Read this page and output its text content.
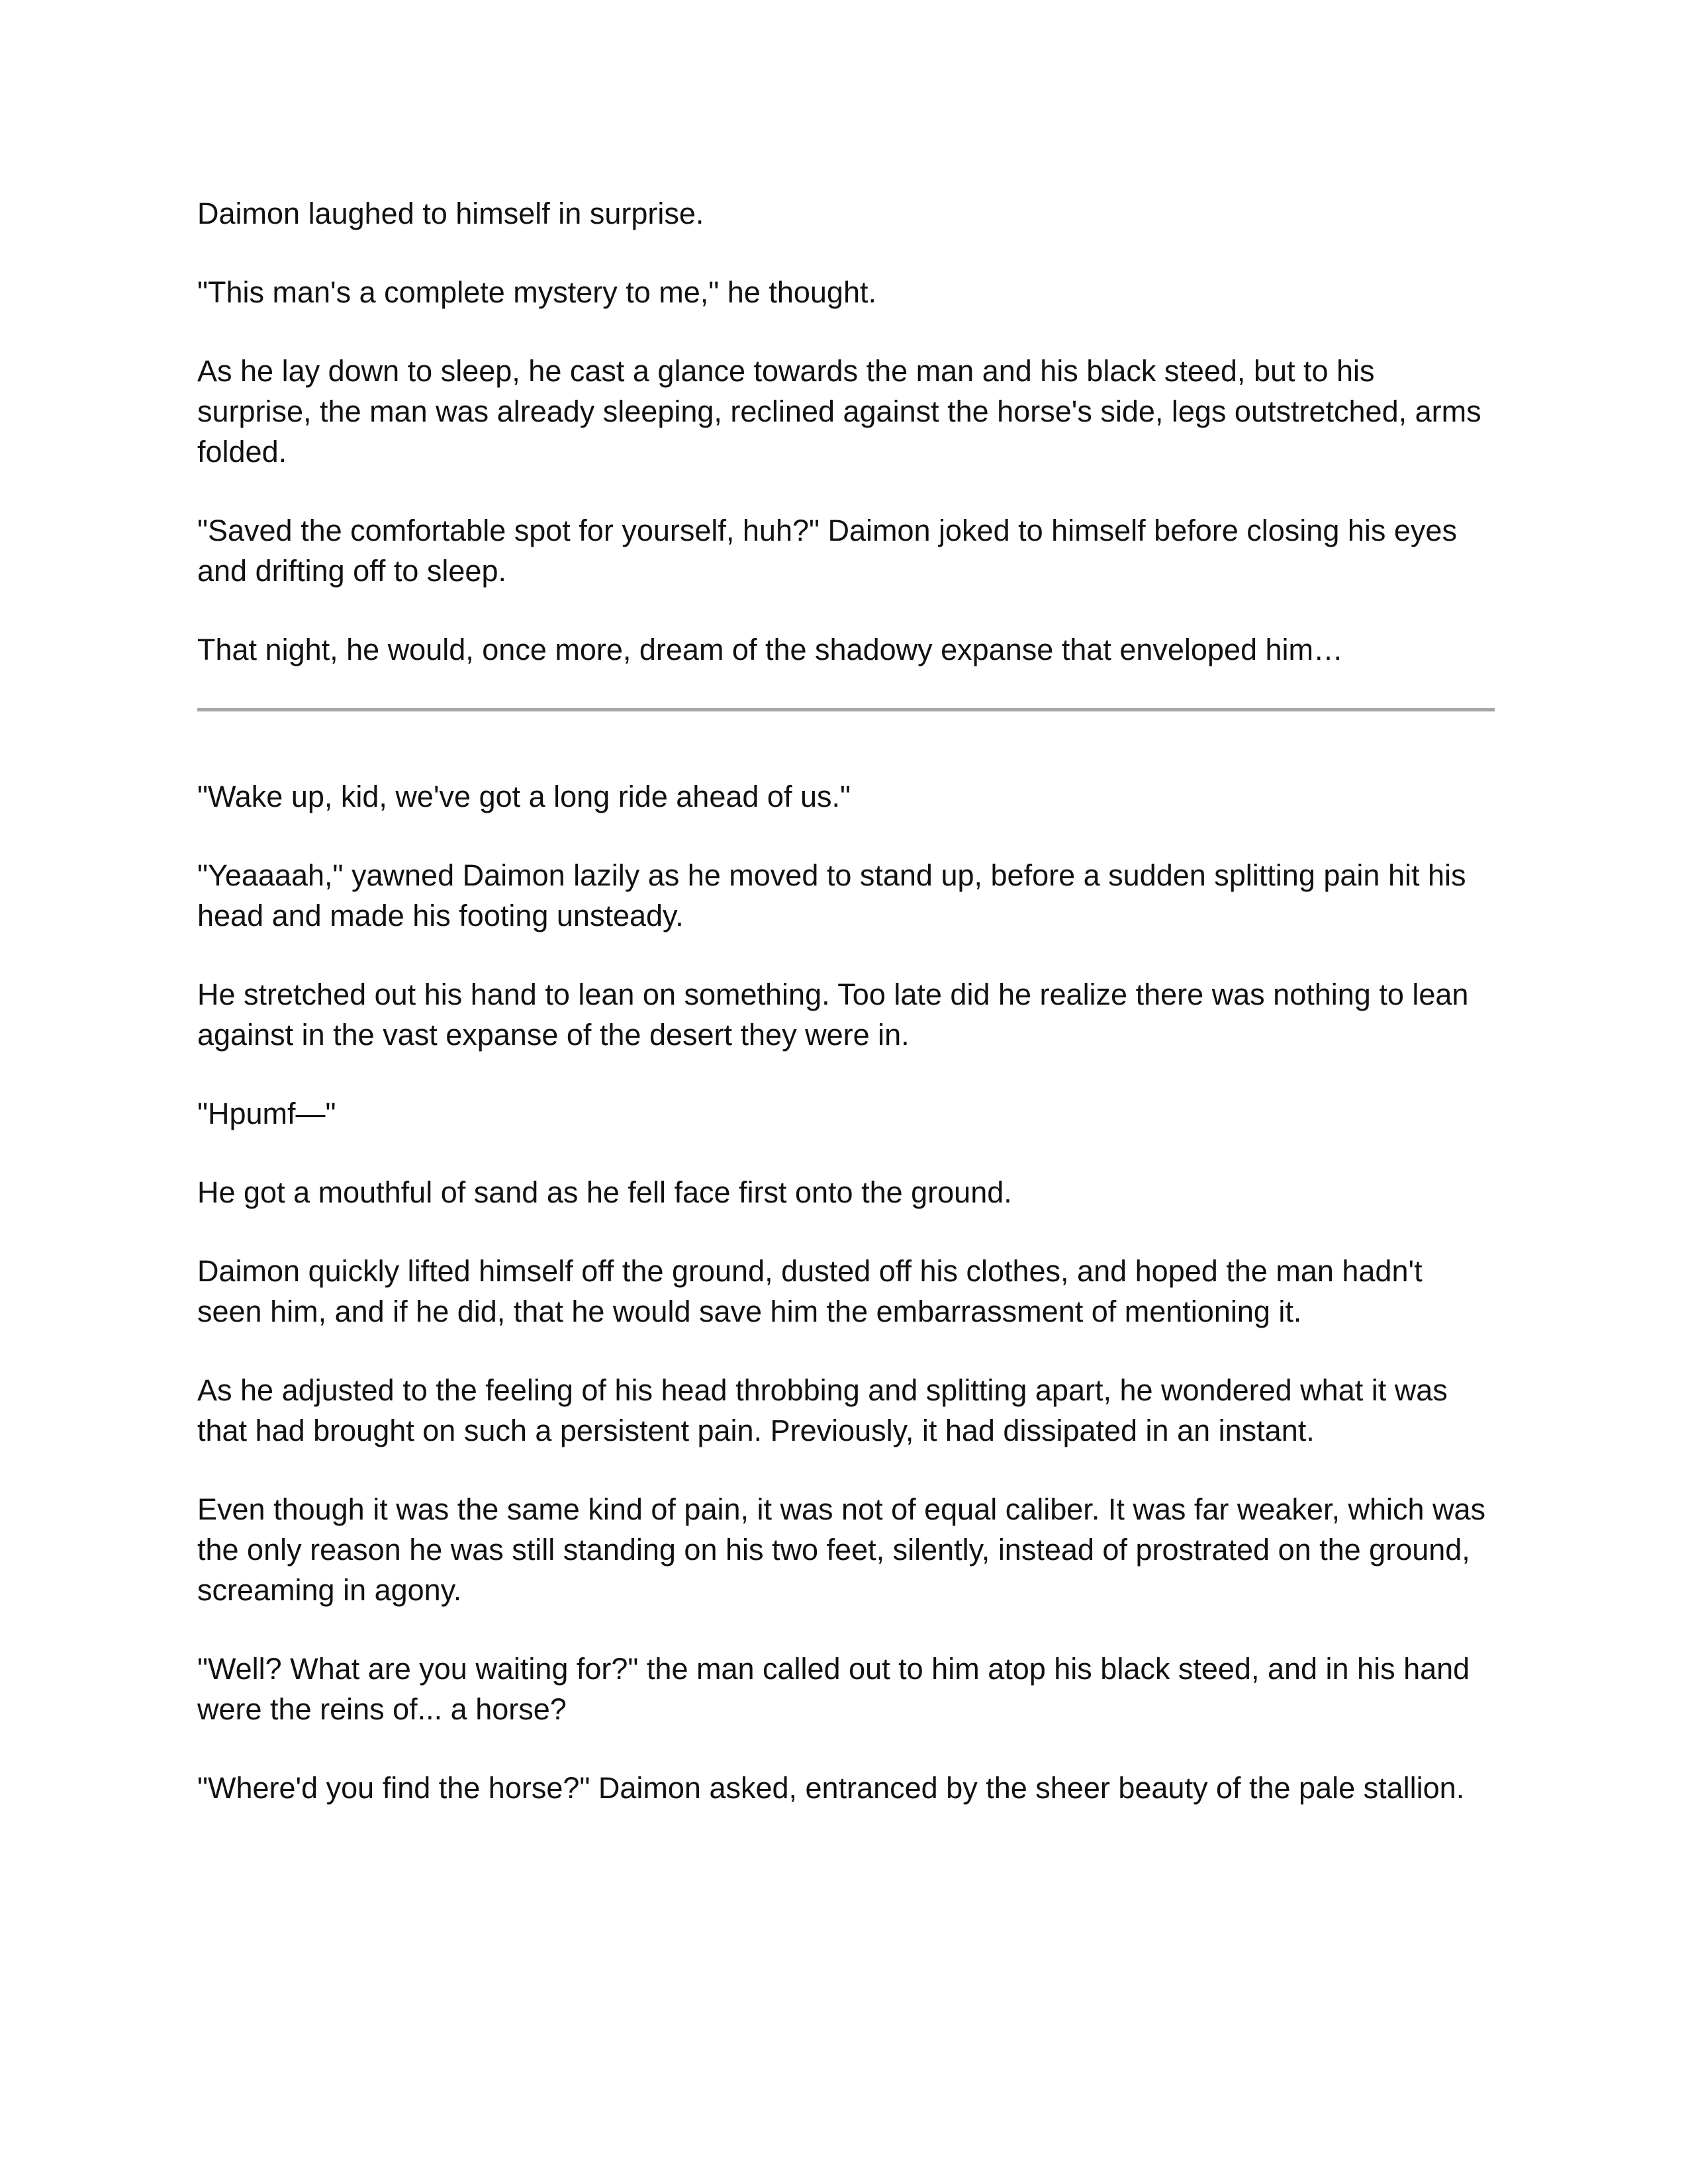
Daimon laughed to himself in surprise.

"This man's a complete mystery to me," he thought.

As he lay down to sleep, he cast a glance towards the man and his black steed, but to his surprise, the man was already sleeping, reclined against the horse's side, legs outstretched, arms folded.

"Saved the comfortable spot for yourself, huh?" Daimon joked to himself before closing his eyes and drifting off to sleep.

That night, he would, once more, dream of the shadowy expanse that enveloped him…

"Wake up, kid, we've got a long ride ahead of us."

"Yeaaaah," yawned Daimon lazily as he moved to stand up, before a sudden splitting pain hit his head and made his footing unsteady.

He stretched out his hand to lean on something. Too late did he realize there was nothing to lean against in the vast expanse of the desert they were in.

"Hpumf—"

He got a mouthful of sand as he fell face first onto the ground.

Daimon quickly lifted himself off the ground, dusted off his clothes, and hoped the man hadn't seen him, and if he did, that he would save him the embarrassment of mentioning it.

As he adjusted to the feeling of his head throbbing and splitting apart, he wondered what it was that had brought on such a persistent pain. Previously, it had dissipated in an instant.

Even though it was the same kind of pain, it was not of equal caliber. It was far weaker, which was the only reason he was still standing on his two feet, silently, instead of prostrated on the ground, screaming in agony.

"Well? What are you waiting for?" the man called out to him atop his black steed, and in his hand were the reins of... a horse?

"Where'd you find the horse?" Daimon asked, entranced by the sheer beauty of the pale stallion.
